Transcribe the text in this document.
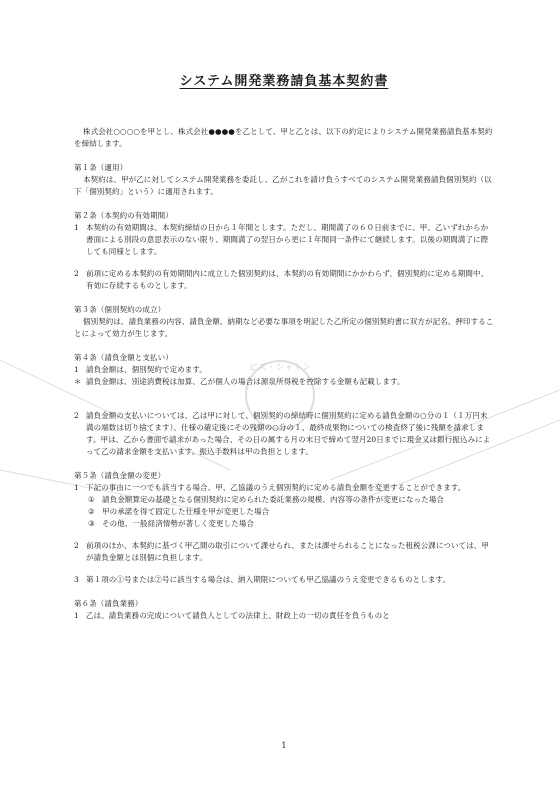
ビズ・シャトン
システム開発業務請負基本契約書

株式会社○○○○を甲とし、株式会社●●●●を乙として、甲と乙とは、以下の約定によりシステム開発業務請負基本契約を締結します。

第１条（適用）

本契約は、甲が乙に対してシステム開発業務を委託し、乙がこれを請け負うすべてのシステム開発業務請負個別契約（以下「個別契約」という）に適用されます。

第２条（本契約の有効期間）

1 本契約の有効期間は、本契約締結の日から１年間とします。ただし、期間満了の６０日前までに、甲、乙いずれからか書面による別段の意思表示のない限り、期間満了の翌日から更に１年間同一条件にて継続します。以後の期間満了に際しても同様とします。
2 前項に定める本契約の有効期間内に成立した個別契約は、本契約の有効期間にかかわらず、個別契約に定める期間中、有効に存続するものとします。

第３条（個別契約の成立）

個別契約は、請負業務の内容、請負金額、納期など必要な事項を明記した乙所定の個別契約書に双方が記名、押印することによって効力が生じます。

第４条（請負金額と支払い）

1 請負金額は、個別契約で定めます。
＊ 請負金額は、別途消費税は加算、乙が個人の場合は源泉所得税を控除する金額も記載します。
2 請負金額の支払いについては、乙は甲に対して、個別契約の締結時に個別契約に定める請負金額の○分の１（１万円未満の端数は切り捨てます）、仕様の確定後にその残額の○分の１、最終成果物についての検査終了後に残額を請求します。甲は、乙から書面で請求があった場合、その日の属する月の末日で締めて翌月20日までに現金又は銀行振込みによって乙の請求金額を支払います。振込手数料は甲の負担とします。

第５条（請負金額の変更）

1 下記の事由に一つでも該当する場合、甲、乙協議のうえ個別契約に定める請負金額を変更することができます。
① 請負金額算定の基礎となる個別契約に定められた委託業務の規模、内容等の条件が変更になった場合
② 甲の承諾を得て固定した仕様を甲が変更した場合
③ その他、一般経済情勢が著しく変更した場合
2 前項のほか、本契約に基づく甲乙間の取引について課せられ、または課せられることになった租税公課については、甲が請負金額とは別個に負担します。
3 第１項の①号または②号に該当する場合は、納入期限についても甲乙協議のうえ変更できるものとします。

第６条（請負業務）

1 乙は、請負業務の完成について請負人としての法律上、財政上の一切の責任を負うものと
1
